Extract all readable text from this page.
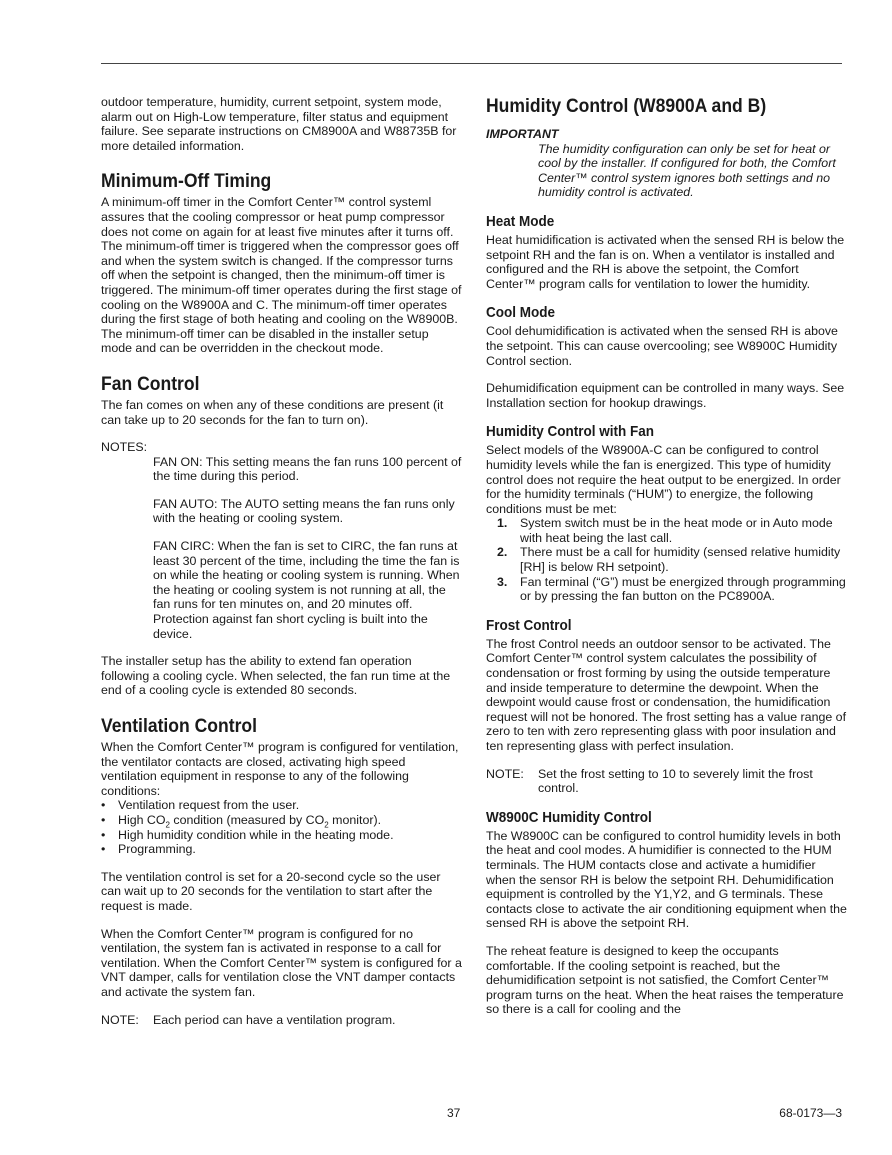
outdoor temperature, humidity, current setpoint, system mode, alarm out on High-Low temperature, filter status and equipment failure. See separate instructions on CM8900A and W88735B for more detailed information.

Minimum-Off Timing

A minimum-off timer in the Comfort Center™ control systeml assures that the cooling compressor or heat pump compressor does not come on again for at least five minutes after it turns off. The minimum-off timer is triggered when the compressor goes off and when the system switch is changed. If the compressor turns off when the setpoint is changed, then the minimum-off timer is triggered. The minimum-off timer operates during the first stage of cooling on the W8900A and C. The minimum-off timer operates during the first stage of both heating and cooling on the W8900B. The minimum-off timer can be disabled in the installer setup mode and can be overridden in the checkout mode.

Fan Control

The fan comes on when any of these conditions are present (it can take up to 20 seconds for the fan to turn on).

NOTES:

FAN ON: This setting means the fan runs 100 percent of the time during this period.

FAN AUTO: The AUTO setting means the fan runs only with the heating or cooling system.

FAN CIRC: When the fan is set to CIRC, the fan runs at least 30 percent of the time, including the time the fan is on while the heating or cooling system is running. When the heating or cooling system is not running at all, the fan runs for ten minutes on, and 20 minutes off. Protection against fan short cycling is built into the device.

The installer setup has the ability to extend fan operation following a cooling cycle. When selected, the fan run time at the end of a cooling cycle is extended 80 seconds.

Ventilation Control

When the Comfort Center™ program is configured for ventilation, the ventilator contacts are closed, activating high speed ventilation equipment in response to any of the following conditions:

• Ventilation request from the user.
• High $CO_2$ condition (measured by $CO_2$ monitor).
• High humidity condition while in the heating mode.
• Programming.

The ventilation control is set for a 20-second cycle so the user can wait up to 20 seconds for the ventilation to start after the request is made.

When the Comfort Center™ program is configured for no ventilation, the system fan is activated in response to a call for ventilation. When the Comfort Center™ system is configured for a VNT damper, calls for ventilation close the VNT damper contacts and activate the system fan.

NOTE:	Each period can have a ventilation program.
Humidity Control (W8900A and B)
IMPORTANT

The humidity configuration can only be set for heat or cool by the installer. If configured for both, the Comfort Center™ control system ignores both settings and no humidity control is activated.

Heat Mode

Heat humidification is activated when the sensed RH is below the setpoint RH and the fan is on. When a ventilator is installed and configured and the RH is above the setpoint, the Comfort Center™ program calls for ventilation to lower the humidity.

Cool Mode

Cool dehumidification is activated when the sensed RH is above the setpoint. This can cause overcooling; see W8900C Humidity Control section.

Dehumidification equipment can be controlled in many ways. See Installation section for hookup drawings.

Humidity Control with Fan

Select models of the W8900A-C can be configured to control humidity levels while the fan is energized. This type of humidity control does not require the heat output to be energized. In order for the humidity terminals (“HUM”) to energize, the following conditions must be met:

1. System switch must be in the heat mode or in Auto mode with heat being the last call.
2. There must be a call for humidity (sensed relative humidity [RH] is below RH setpoint).
3. Fan terminal (“G”) must be energized through programming or by pressing the fan button on the PC8900A.
Frost Control

The frost Control needs an outdoor sensor to be activated. The Comfort Center™ control system calculates the possibility of condensation or frost forming by using the outside temperature and inside temperature to determine the dewpoint. When the dewpoint would cause frost or condensation, the humidification request will not be honored. The frost setting has a value range of zero to ten with zero representing glass with poor insulation and ten representing glass with perfect insulation.

NOTE:	Set the frost setting to 10 to severely limit the frost control.
W8900C Humidity Control

The W8900C can be configured to control humidity levels in both the heat and cool modes. A humidifier is connected to the HUM terminals. The HUM contacts close and activate a humidifier when the sensor RH is below the setpoint RH. Dehumidification equipment is controlled by the Y1,Y2, and G terminals. These contacts close to activate the air conditioning equipment when the sensed RH is above the setpoint RH.

The reheat feature is designed to keep the occupants comfortable. If the cooling setpoint is reached, but the dehumidification setpoint is not satisfied, the Comfort Center™ program turns on the heat. When the heat raises the temperature so there is a call for cooling and the

37	68-0173—3
